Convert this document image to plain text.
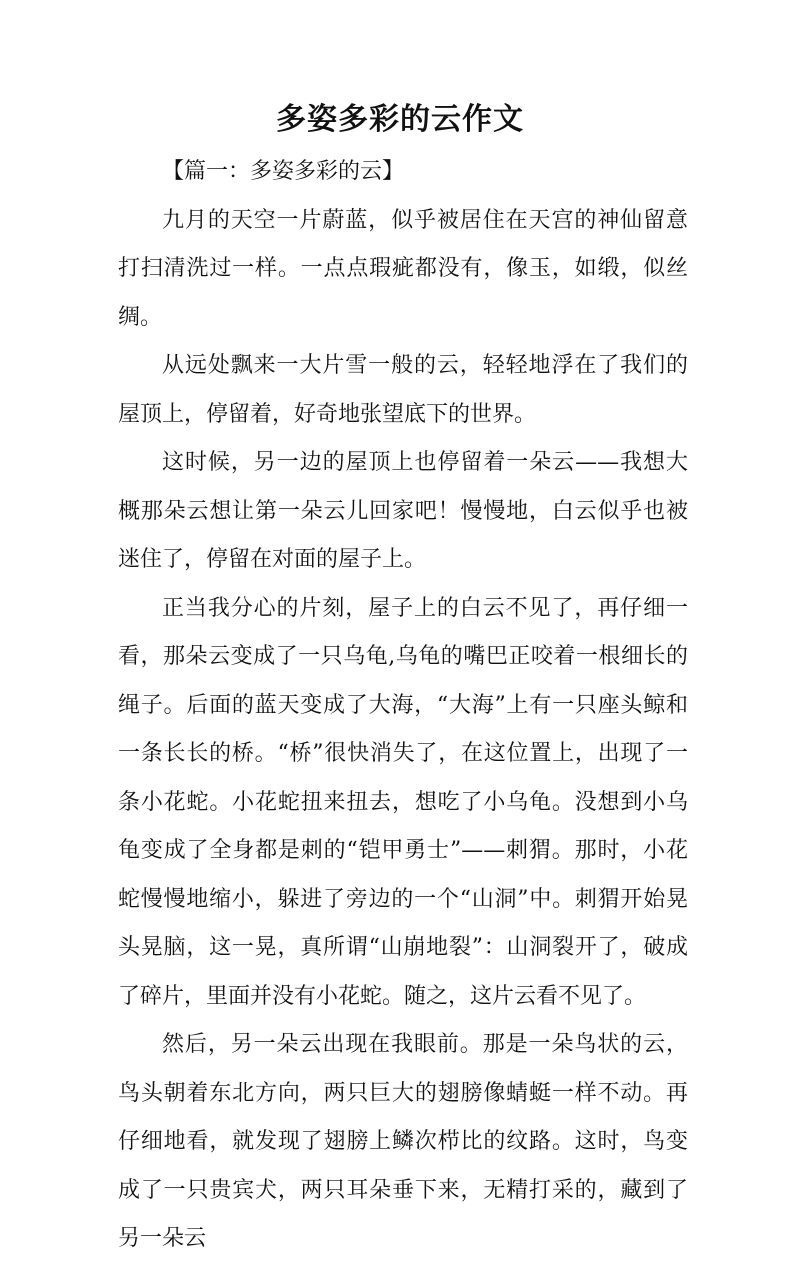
多姿多彩的云作文

【篇一：多姿多彩的云】

九月的天空一片蔚蓝，似乎被居住在天宫的神仙留意打扫清洗过一样。一点点瑕疵都没有，像玉，如缎，似丝绸。

从远处飘来一大片雪一般的云，轻轻地浮在了我们的屋顶上，停留着，好奇地张望底下的世界。

这时候，另一边的屋顶上也停留着一朵云——我想大概那朵云想让第一朵云儿回家吧！慢慢地，白云似乎也被迷住了，停留在对面的屋子上。

正当我分心的片刻，屋子上的白云不见了，再仔细一看，那朵云变成了一只乌龟,乌龟的嘴巴正咬着一根细长的绳子。后面的蓝天变成了大海，“大海”上有一只座头鲸和一条长长的桥。“桥”很快消失了，在这位置上，出现了一条小花蛇。小花蛇扭来扭去，想吃了小乌龟。没想到小乌龟变成了全身都是刺的“铠甲勇士”——刺猬。那时，小花蛇慢慢地缩小，躲进了旁边的一个“山洞”中。刺猬开始晃头晃脑，这一晃，真所谓“山崩地裂”：山洞裂开了，破成了碎片，里面并没有小花蛇。随之，这片云看不见了。

然后，另一朵云出现在我眼前。那是一朵鸟状的云，鸟头朝着东北方向，两只巨大的翅膀像蜻蜓一样不动。再仔细地看，就发现了翅膀上鳞次栉比的纹路。这时，鸟变成了一只贵宾犬，两只耳朵垂下来，无精打采的，藏到了另一朵云
